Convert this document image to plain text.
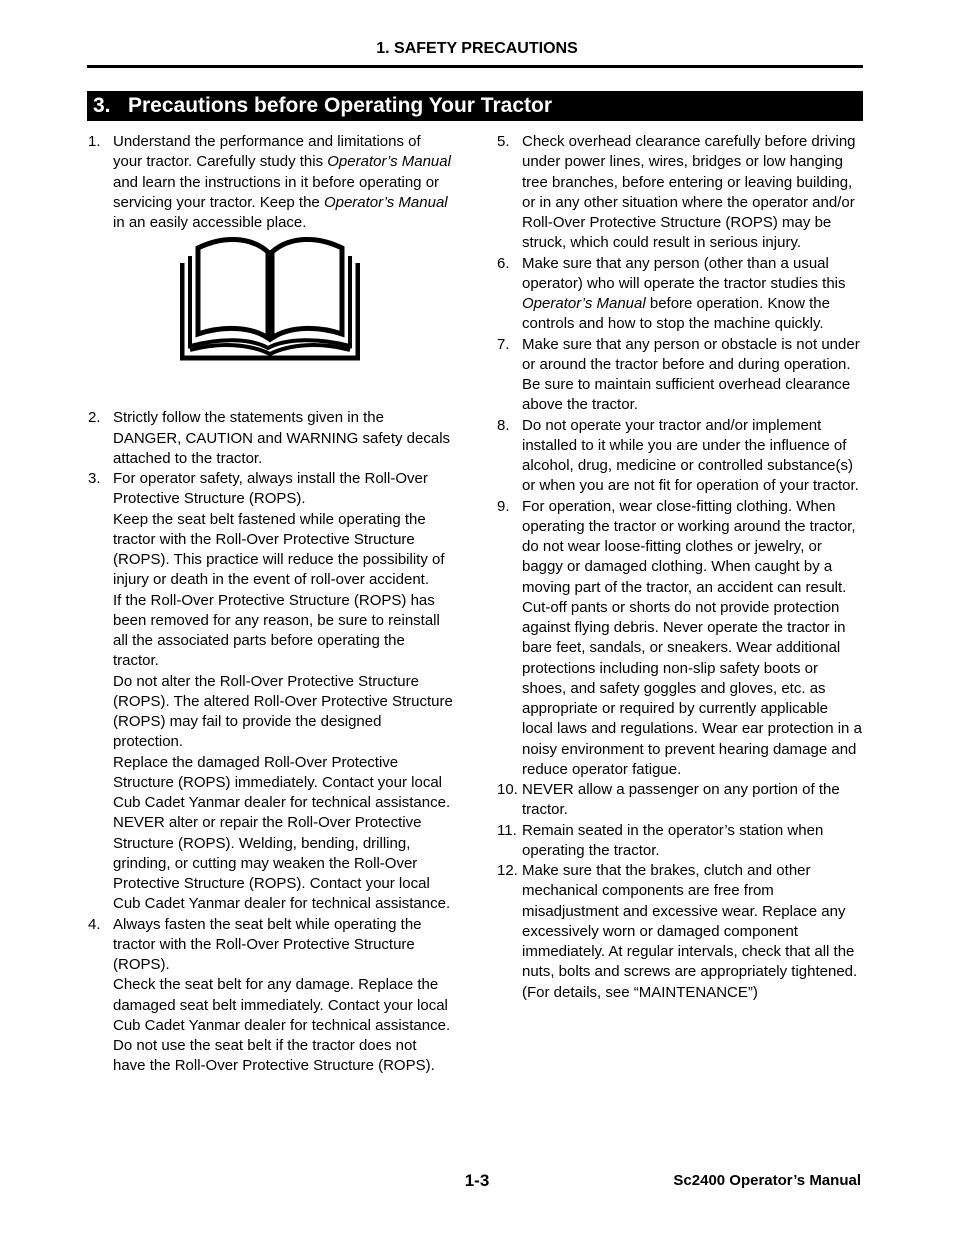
1. SAFETY PRECAUTIONS
3. Precautions before Operating Your Tractor
1. Understand the performance and limitations of your tractor. Carefully study this Operator’s Manual and learn the instructions in it before operating or servicing your tractor. Keep the Operator’s Manual in an easily accessible place.

2. Strictly follow the statements given in the DANGER, CAUTION and WARNING safety decals attached to the tractor.

3. For operator safety, always install the Roll-Over Protective Structure (ROPS).

Keep the seat belt fastened while operating the tractor with the Roll-Over Protective Structure (ROPS). This practice will reduce the possibility of injury or death in the event of roll-over accident.

If the Roll-Over Protective Structure (ROPS) has been removed for any reason, be sure to reinstall all the associated parts before operating the tractor.

Do not alter the Roll-Over Protective Structure (ROPS). The altered Roll-Over Protective Structure (ROPS) may fail to provide the designed protection.

Replace the damaged Roll-Over Protective Structure (ROPS) immediately. Contact your local Cub Cadet Yanmar dealer for technical assistance.

NEVER alter or repair the Roll-Over Protective Structure (ROPS). Welding, bending, drilling, grinding, or cutting may weaken the Roll-Over Protective Structure (ROPS). Contact your local Cub Cadet Yanmar dealer for technical assistance.

4. Always fasten the seat belt while operating the tractor with the Roll-Over Protective Structure (ROPS).

Check the seat belt for any damage. Replace the damaged seat belt immediately. Contact your local Cub Cadet Yanmar dealer for technical assistance.

Do not use the seat belt if the tractor does not have the Roll-Over Protective Structure (ROPS).

5. Check overhead clearance carefully before driving under power lines, wires, bridges or low hanging tree branches, before entering or leaving building, or in any other situation where the operator and/or Roll-Over Protective Structure (ROPS) may be struck, which could result in serious injury.

6. Make sure that any person (other than a usual operator) who will operate the tractor studies this Operator’s Manual before operation. Know the controls and how to stop the machine quickly.

7. Make sure that any person or obstacle is not under or around the tractor before and during operation. Be sure to maintain sufficient overhead clearance above the tractor.

8. Do not operate your tractor and/or implement installed to it while you are under the influence of alcohol, drug, medicine or controlled substance(s) or when you are not fit for operation of your tractor.

9. For operation, wear close-fitting clothing. When operating the tractor or working around the tractor, do not wear loose-fitting clothes or jewelry, or baggy or damaged clothing. When caught by a moving part of the tractor, an accident can result. Cut-off pants or shorts do not provide protection against flying debris. Never operate the tractor in bare feet, sandals, or sneakers. Wear additional protections including non-slip safety boots or shoes, and safety goggles and gloves, etc. as appropriate or required by currently applicable local laws and regulations. Wear ear protection in a noisy environment to prevent hearing damage and reduce operator fatigue.

10. NEVER allow a passenger on any portion of the tractor.

11. Remain seated in the operator’s station when operating the tractor.

12. Make sure that the brakes, clutch and other mechanical components are free from misadjustment and excessive wear. Replace any excessively worn or damaged component immediately. At regular intervals, check that all the nuts, bolts and screws are appropriately tightened. (For details, see “MAINTENANCE”)

1-3	Sc2400 Operator’s Manual
